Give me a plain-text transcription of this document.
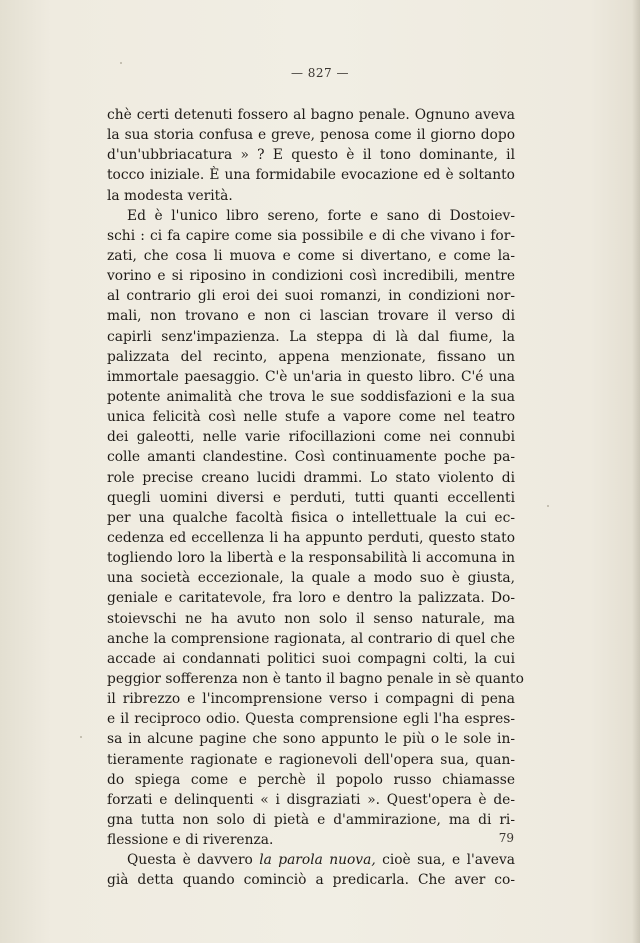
— 827 —
chè certi detenuti fossero al bagno penale. Ognuno aveva
la sua storia confusa e greve, penosa come il giorno dopo
d'un'ubbriacatura » ? E questo è il tono dominante, il
tocco iniziale. È una formidabile evocazione ed è soltanto
la modesta verità.
Ed è l'unico libro sereno, forte e sano di Dostoiev-
schi : ci fa capire come sia possibile e di che vivano i for-
zati, che cosa li muova e come si divertano, e come la-
vorino e si riposino in condizioni così incredibili, mentre
al contrario gli eroi dei suoi romanzi, in condizioni nor-
mali, non trovano e non ci lascian trovare il verso di
capirli senz'impazienza. La steppa di là dal fiume, la
palizzata del recinto, appena menzionate, fissano un
immortale paesaggio. C'è un'aria in questo libro. C'é una
potente animalità che trova le sue soddisfazioni e la sua
unica felicità così nelle stufe a vapore come nel teatro
dei galeotti, nelle varie rifocillazioni come nei connubi
colle amanti clandestine. Così continuamente poche pa-
role precise creano lucidi drammi. Lo stato violento di
quegli uomini diversi e perduti, tutti quanti eccellenti
per una qualche facoltà fisica o intellettuale la cui ec-
cedenza ed eccellenza li ha appunto perduti, questo stato
togliendo loro la libertà e la responsabilità li accomuna in
una società eccezionale, la quale a modo suo è giusta,
geniale e caritatevole, fra loro e dentro la palizzata. Do-
stoievschi ne ha avuto non solo il senso naturale, ma
anche la comprensione ragionata, al contrario di quel che
accade ai condannati politici suoi compagni colti, la cui
peggior sofferenza non è tanto il bagno penale in sè quanto
il ribrezzo e l'incomprensione verso i compagni di pena
e il reciproco odio. Questa comprensione egli l'ha espres-
sa in alcune pagine che sono appunto le più o le sole in-
tieramente ragionate e ragionevoli dell'opera sua, quan-
do spiega come e perchè il popolo russo chiamasse
forzati e delinquenti « i disgraziati ». Quest'opera è de-
gna tutta non solo di pietà e d'ammirazione, ma di ri-
flessione e di riverenza.
Questa è davvero la parola nuova, cioè sua, e l'aveva
già detta quando cominciò a predicarla. Che aver co-
79
